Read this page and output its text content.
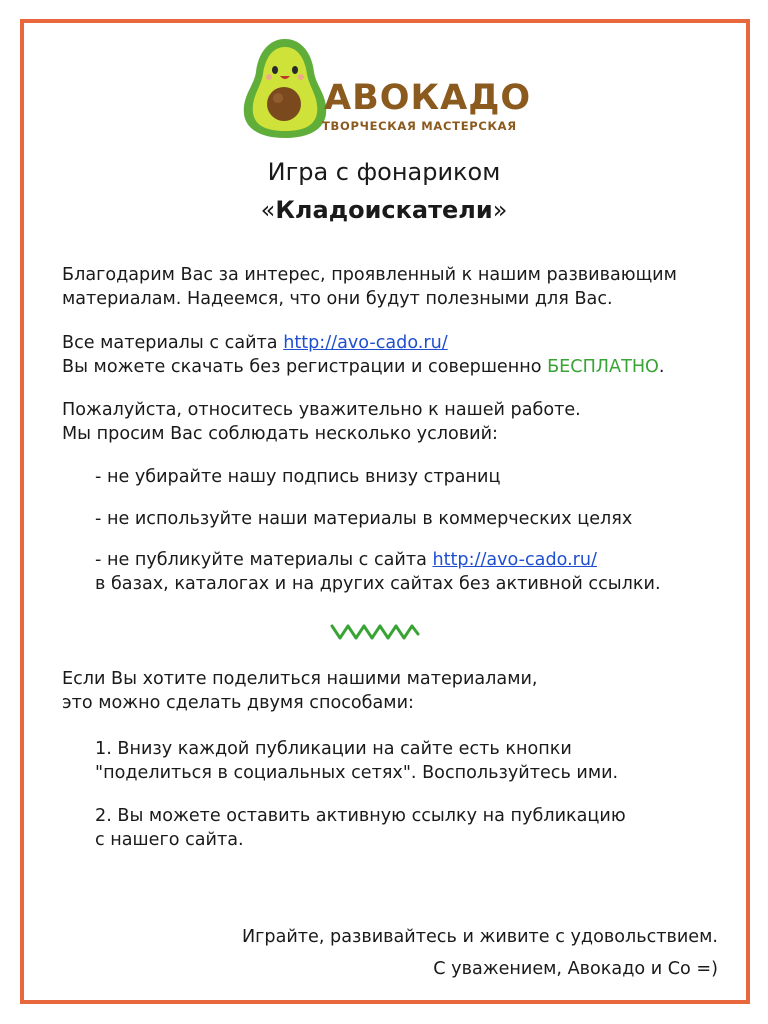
АВОКАДО
ТВОРЧЕСКАЯ МАСТЕРСКАЯ
Игра с фонариком
«Кладоискатели»

Благодарим Вас за интерес, проявленный к нашим развивающим

материалам. Надеемся, что они будут полезными для Вас.

Все материалы с сайта http://avo-cado.ru/

Вы можете скачать без регистрации и совершенно БЕСПЛАТНО.

Пожалуйста, относитесь уважительно к нашей работе.

Мы просим Вас соблюдать несколько условий:

- не убирайте нашу подпись внизу страниц

- не используйте наши материалы в коммерческих целях

- не публикуйте материалы с сайта http://avo-cado.ru/

в базах, каталогах и на других сайтах без активной ссылки.

Если Вы хотите поделиться нашими материалами,

это можно сделать двумя способами:

1. Внизу каждой публикации на сайте есть кнопки

"поделиться в социальных сетях". Воспользуйтесь ими.

2. Вы можете оставить активную ссылку на публикацию

с нашего сайта.

Играйте, развивайтесь и живите с удовольствием.
С уважением, Авокадо и Со =)
